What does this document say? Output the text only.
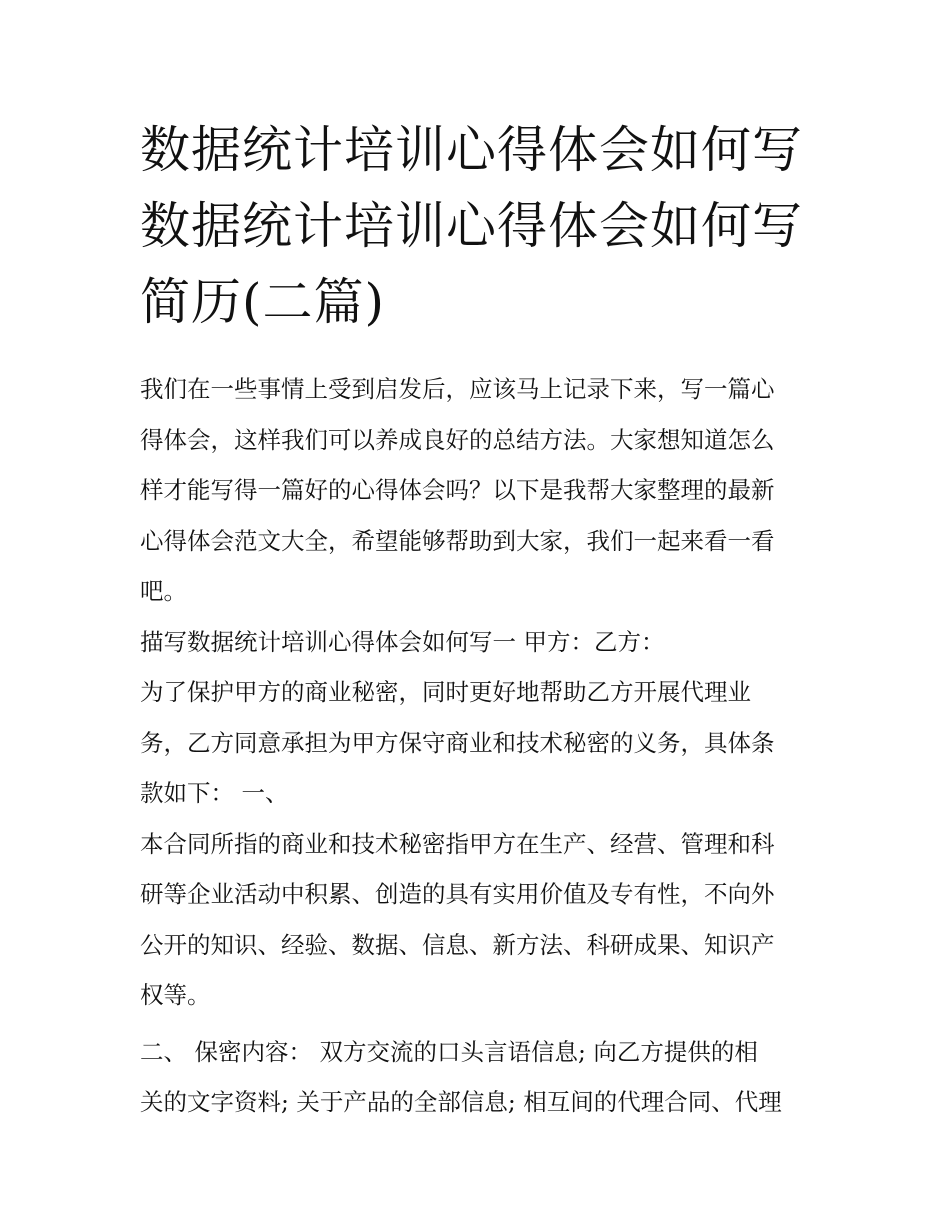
数据统计培训心得体会如何写
数据统计培训心得体会如何写
简历(二篇)

我们在一些事情上受到启发后，应该马上记录下来，写一篇心
得体会，这样我们可以养成良好的总结方法。大家想知道怎么
样才能写得一篇好的心得体会吗？以下是我帮大家整理的最新
心得体会范文大全，希望能够帮助到大家，我们一起来看一看
吧。

描写数据统计培训心得体会如何写一 甲方：乙方：

为了保护甲方的商业秘密，同时更好地帮助乙方开展代理业
务，乙方同意承担为甲方保守商业和技术秘密的义务，具体条
款如下： 一、

本合同所指的商业和技术秘密指甲方在生产、经营、管理和科
研等企业活动中积累、创造的具有实用价值及专有性，不向外
公开的知识、经验、数据、信息、新方法、科研成果、知识产
权等。

二、 保密内容： 双方交流的口头言语信息; 向乙方提供的相
关的文字资料; 关于产品的全部信息; 相互间的代理合同、代理
